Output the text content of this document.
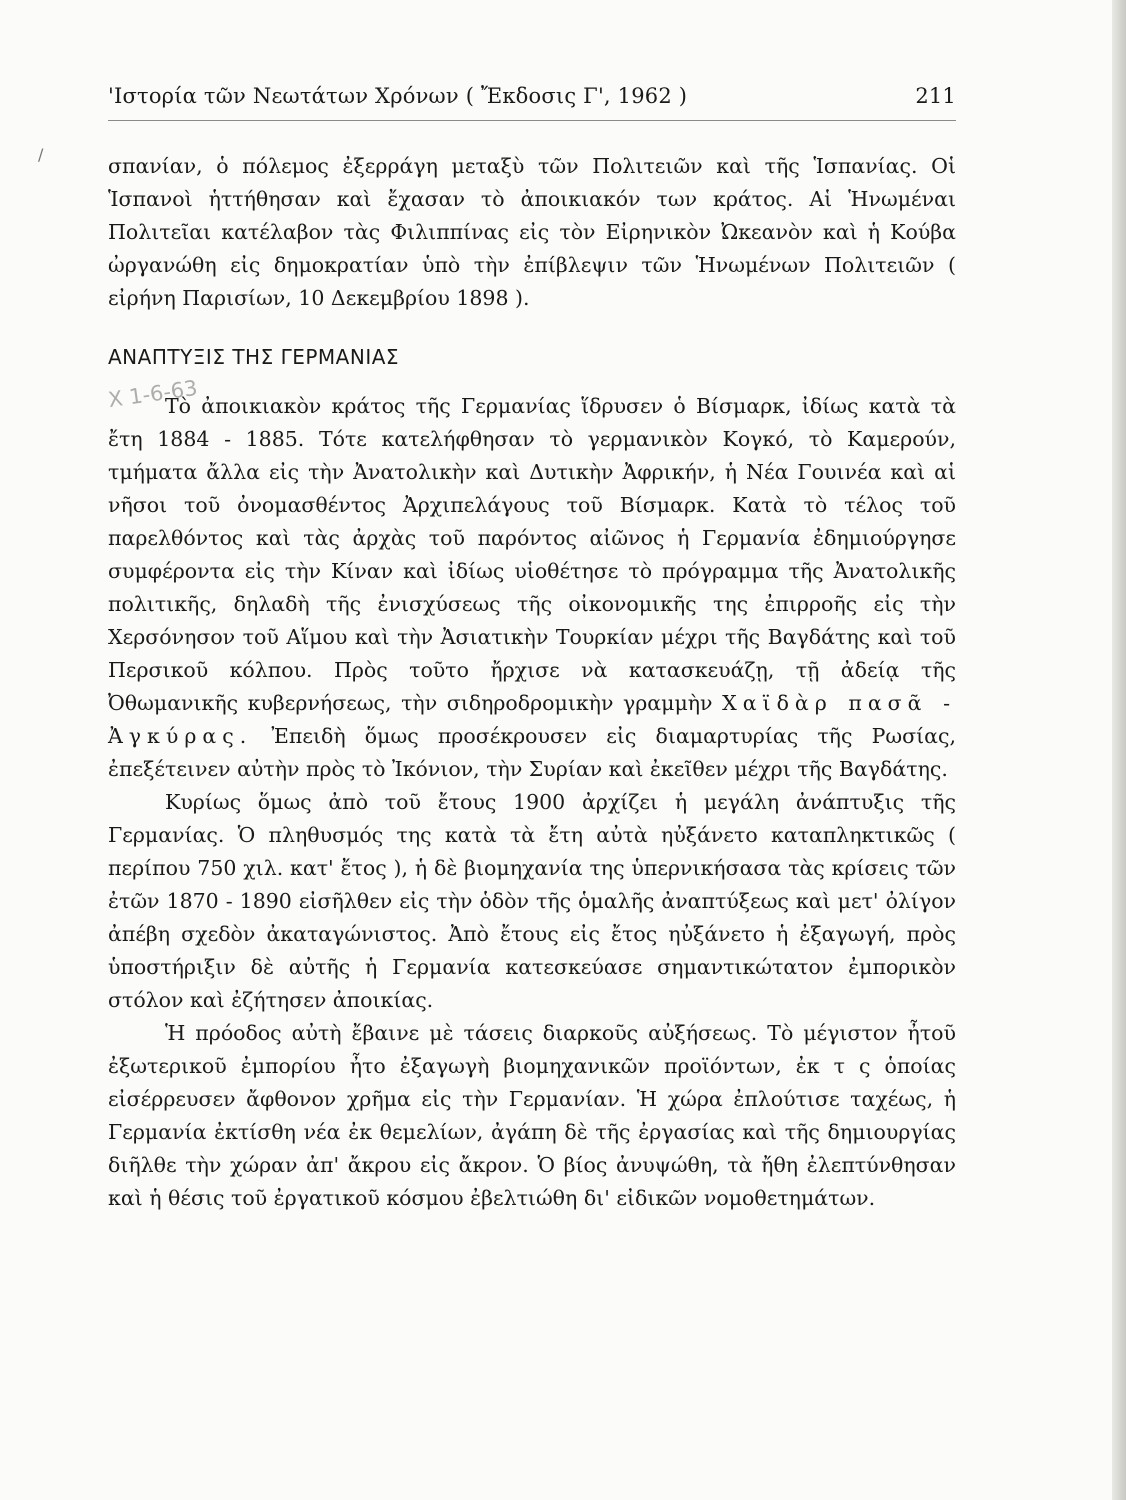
'Ιστορία τῶν Νεωτάτων Χρόνων ( Ἔκδοσις Γ', 1962 )	211
/
Χ 1-6-63

σπανίαν, ὁ πόλεμος ἐξερράγη μεταξὺ τῶν Πολιτειῶν καὶ τῆς Ἱσπανίας. Οἱ Ἱσπανοὶ ἡττήθησαν καὶ ἔχασαν τὸ ἀποικιακόν των κράτος. Αἱ Ἡνωμέναι Πολιτεῖαι κατέλαβον τὰς Φιλιππίνας εἰς τὸν Εἰρηνικὸν Ὠκεανὸν καὶ ἡ Κούβα ὠργανώθη εἰς δημοκρατίαν ὑπὸ τὴν ἐπίβλεψιν τῶν Ἡνωμένων Πολιτειῶν ( εἰρήνη Παρισίων, 10 Δεκεμβρίου 1898 ).

ΑΝΑΠΤΥΞΙΣ ΤΗΣ ΓΕΡΜΑΝΙΑΣ

Τὸ ἀποικιακὸν κράτος τῆς Γερμανίας ἵδρυσεν ὁ Βίσμαρκ, ἰδίως κατὰ τὰ ἔτη 1884 - 1885. Τότε κατελήφθησαν τὸ γερμανικὸν Κογκό, τὸ Καμερούν, τμήματα ἄλλα εἰς τὴν Ἀνατολικὴν καὶ Δυτικὴν Ἀφρικήν, ἡ Νέα Γουινέα καὶ αἱ νῆσοι τοῦ ὀνομασθέντος Ἀρχιπελάγους τοῦ Βίσμαρκ. Κατὰ τὸ τέλος τοῦ παρελθόντος καὶ τὰς ἀρχὰς τοῦ παρόντος αἰῶνος ἡ Γερμανία ἐδημιούργησε συμφέροντα εἰς τὴν Κίναν καὶ ἰδίως υἱοθέτησε τὸ πρόγραμμα τῆς Ἀνατολικῆς πολιτικῆς, δηλαδὴ τῆς ἐνισχύσεως τῆς οἰκονομικῆς της ἐπιρροῆς εἰς τὴν Χερσόνησον τοῦ Αἵμου καὶ τὴν Ἀσιατικὴν Τουρκίαν μέχρι τῆς Βαγδάτης καὶ τοῦ Περσικοῦ κόλπου. Πρὸς τοῦτο ἤρχισε νὰ κατασκευάζῃ, τῇ ἀδείᾳ τῆς Ὀθωμανικῆς κυβερνήσεως, τὴν σιδηροδρομικὴν γραμμὴν Χαϊδὰρ πασᾶ - Ἀγκύρας. Ἐπειδὴ ὅμως προσέκρουσεν εἰς διαμαρτυρίας τῆς Ρωσίας, ἐπεξέτεινεν αὐτὴν πρὸς τὸ Ἰκόνιον, τὴν Συρίαν καὶ ἐκεῖθεν μέχρι τῆς Βαγδάτης.

Κυρίως ὅμως ἀπὸ τοῦ ἔτους 1900 ἀρχίζει ἡ μεγάλη ἀνάπτυξις τῆς Γερμανίας. Ὁ πληθυσμός της κατὰ τὰ ἔτη αὐτὰ ηὐξάνετο καταπληκτικῶς ( περίπου 750 χιλ. κατ' ἔτος ), ἡ δὲ βιομηχανία της ὑπερνικήσασα τὰς κρίσεις τῶν ἐτῶν 1870 - 1890 εἰσῆλθεν εἰς τὴν ὁδὸν τῆς ὁμαλῆς ἀναπτύξεως καὶ μετ' ὀλίγον ἀπέβη σχεδὸν ἀκαταγώνιστος. Ἀπὸ ἔτους εἰς ἔτος ηὐξάνετο ἡ ἐξαγωγή, πρὸς ὑποστήριξιν δὲ αὐτῆς ἡ Γερμανία κατεσκεύασε σημαντικώτατον ἐμπορικὸν στόλον καὶ ἐζήτησεν ἀποικίας.

Ἡ πρόοδος αὐτὴ ἔβαινε μὲ τάσεις διαρκοῦς αὐξήσεως. Τὸ μέγιστον ἦτοῦ ἐξωτερικοῦ ἐμπορίου ἦτο ἐξαγωγὴ βιομηχανικῶν προϊόντων, ἐκ τ ς ὁποίας εἰσέρρευσεν ἄφθονον χρῆμα εἰς τὴν Γερμανίαν. Ἡ χώρα ἐπλούτισε ταχέως, ἡ Γερμανία ἐκτίσθη νέα ἐκ θεμελίων, ἀγάπη δὲ τῆς ἐργασίας καὶ τῆς δημιουργίας διῆλθε τὴν χώραν ἀπ' ἄκρου εἰς ἄκρον. Ὁ βίος ἀνυψώθη, τὰ ἤθη ἐλεπτύνθησαν καὶ ἡ θέσις τοῦ ἐργατικοῦ κόσμου ἐβελτιώθη δι' εἰδικῶν νομοθετημάτων.
